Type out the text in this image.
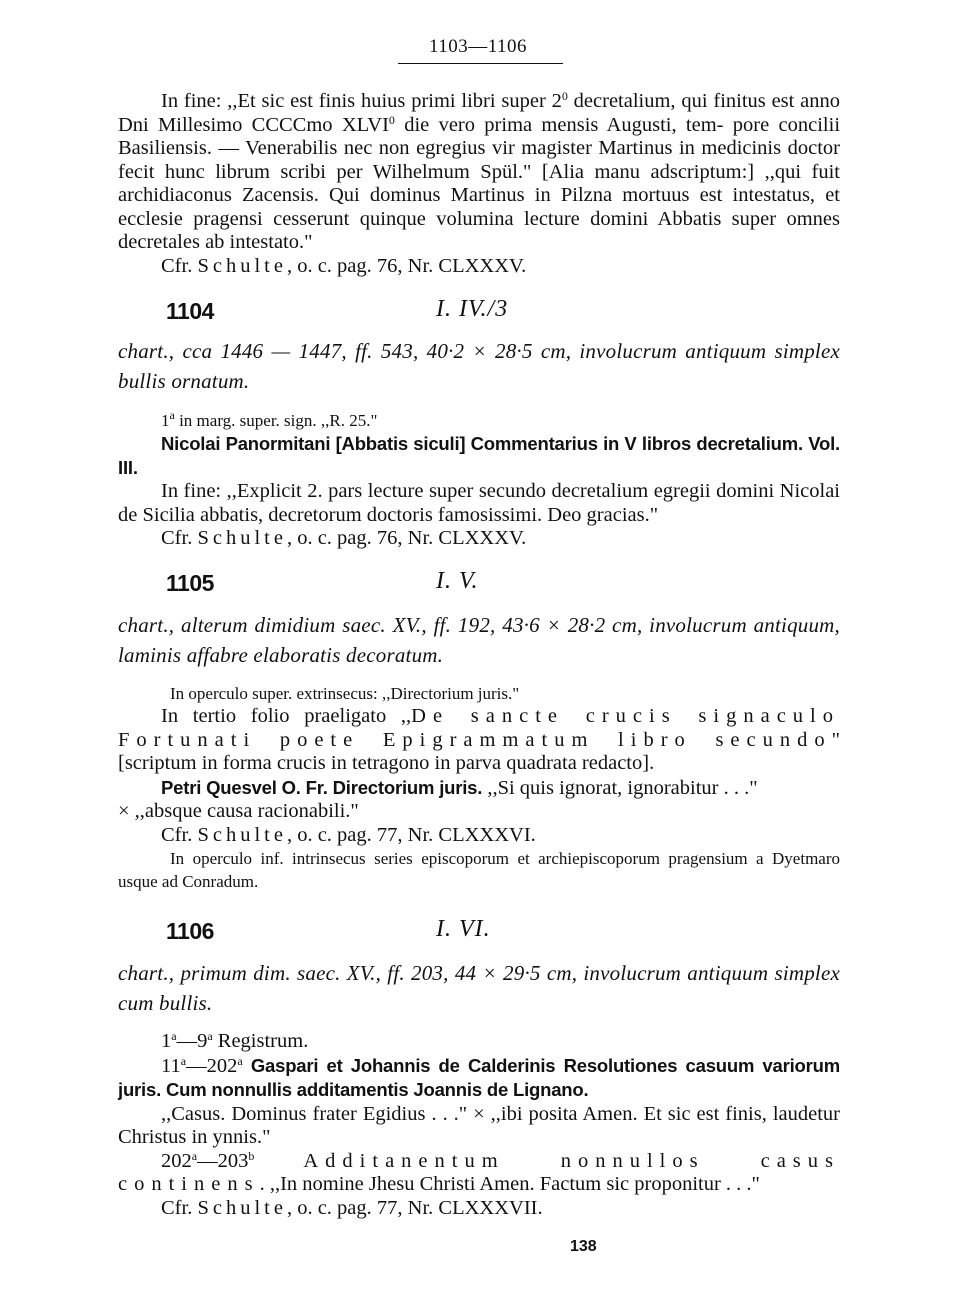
1103—1106

In fine: ,,Et sic est finis huius primi libri super $2^0$ decretalium, qui finitus est anno Dni Millesimo CCCCmo XLVI$^0$ die vero prima mensis Augusti, tem- pore concilii Basiliensis. — Venerabilis nec non egregius vir magister Martinus in medicinis doctor fecit hunc librum scribi per Wilhelmum Spül." [Alia manu adscriptum:] ,,qui fuit archidiaconus Zacensis. Qui dominus Martinus in Pilzna mortuus est intestatus, et ecclesie pragensi cesserunt quinque volumina lecture domini Abbatis super omnes decretales ab intestato."

Cfr. Schulte, o. c. pag. 76, Nr. CLXXXV.

1104	I. IV./3

chart., cca 1446 — 1447, ff. 543, 40·2 × 28·5 cm, involucrum antiquum simplex bullis ornatum.

1$^a$ in marg. super. sign. ,,R. 25."

Nicolai Panormitani [Abbatis siculi] Commentarius in V libros decretalium. Vol. III.

In fine: ,,Explicit 2. pars lecture super secundo decretalium egregii domini Nicolai de Sicilia abbatis, decretorum doctoris famosissimi. Deo gracias."

Cfr. Schulte, o. c. pag. 76, Nr. CLXXXV.

1105	I. V.

chart., alterum dimidium saec. XV., ff. 192, 43·6 × 28·2 cm, involucrum antiquum, laminis affabre elaboratis decoratum.

In operculo super. extrinsecus: ,,Directorium juris."

In tertio folio praeligato ,,De sancte crucis signaculo Fortunati poete Epigrammatum libro secundo" [scriptum in forma crucis in tetragono in parva quadrata redacto].

Petri Quesvel O. Fr. Directorium juris. ,,Si quis ignorat, ignorabitur . . ."

× ,,absque causa racionabili."

Cfr. Schulte, o. c. pag. 77, Nr. CLXXXVI.

In operculo inf. intrinsecus series episcoporum et archiepiscoporum pragensium a Dyetmaro usque ad Conradum.

1106	I. VI.

chart., primum dim. saec. XV., ff. 203, 44 × 29·5 cm, involucrum antiquum simplex cum bullis.

1$^a$—9$^a$ Registrum.

11$^a$—202$^a$ Gaspari et Johannis de Calderinis Resolutiones casuum variorum juris. Cum nonnullis additamentis Joannis de Lignano.

,,Casus. Dominus frater Egidius . . ." × ,,ibi posita Amen. Et sic est finis, laudetur Christus in ynnis."

202$^a$—203$^b$ Additanentum nonnullos casus continens. ,,In nomine Jhesu Christi Amen. Factum sic proponitur . . ."

Cfr. Schulte, o. c. pag. 77, Nr. CLXXXVII.

138
